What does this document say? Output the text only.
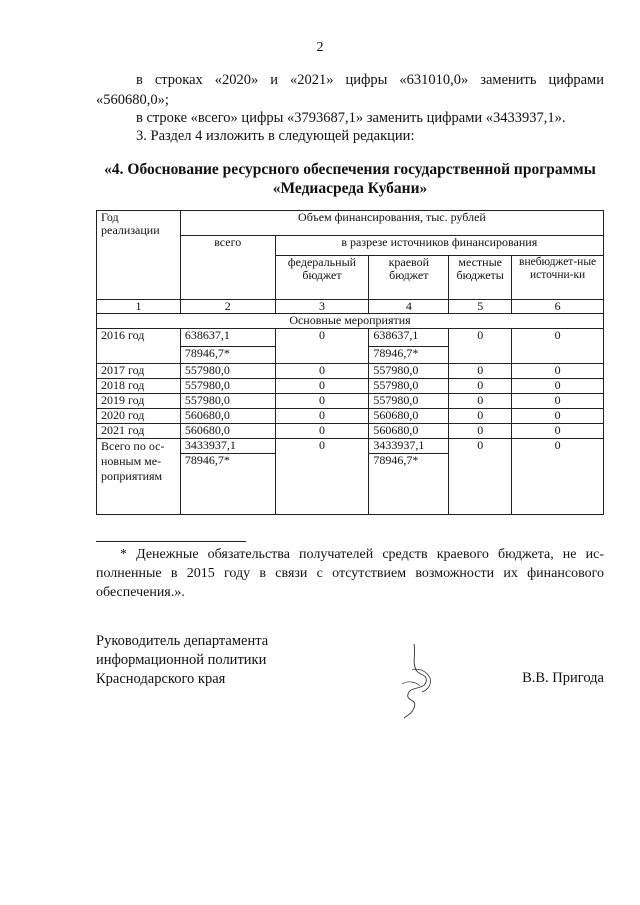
2
в строках «2020» и «2021» цифры «631010,0» заменить цифрами
«560680,0»;
в строке «всего» цифры «3793687,1» заменить цифрами «3433937,1».
3. Раздел 4 изложить в следующей редакции:
«4. Обоснование ресурсного обеспечения государственной программы
«Медиасреда Кубани»
Год реализации	Объем финансирования, тыс. рублей				
	всего	в разрезе источников финансирования			
		федеральный бюджет	краевой бюджет	местные бюджеты	внебюджет-ные источни-ки
1	2	3	4	5	6
Основные мероприятия					
2016 год	638637,1	0	638637,1	0	0
	78946,7*		78946,7*		
2017 год	557980,0	0	557980,0	0	0
2018 год	557980,0	0	557980,0	0	0
2019 год	557980,0	0	557980,0	0	0
2020 год	560680,0	0	560680,0	0	0
2021 год	560680,0	0	560680,0	0	0
Всего по ос-новным ме-роприятиям	3433937,1	0	3433937,1	0	0
	78946,7*		78946,7*		
* Денежные обязательства получателей средств краевого бюджета, не ис-полненные в 2015 году в связи с отсутствием возможности их финансового обеспечения.».
Руководитель департамента
информационной политики
Краснодарского края	В.В. Пригода
